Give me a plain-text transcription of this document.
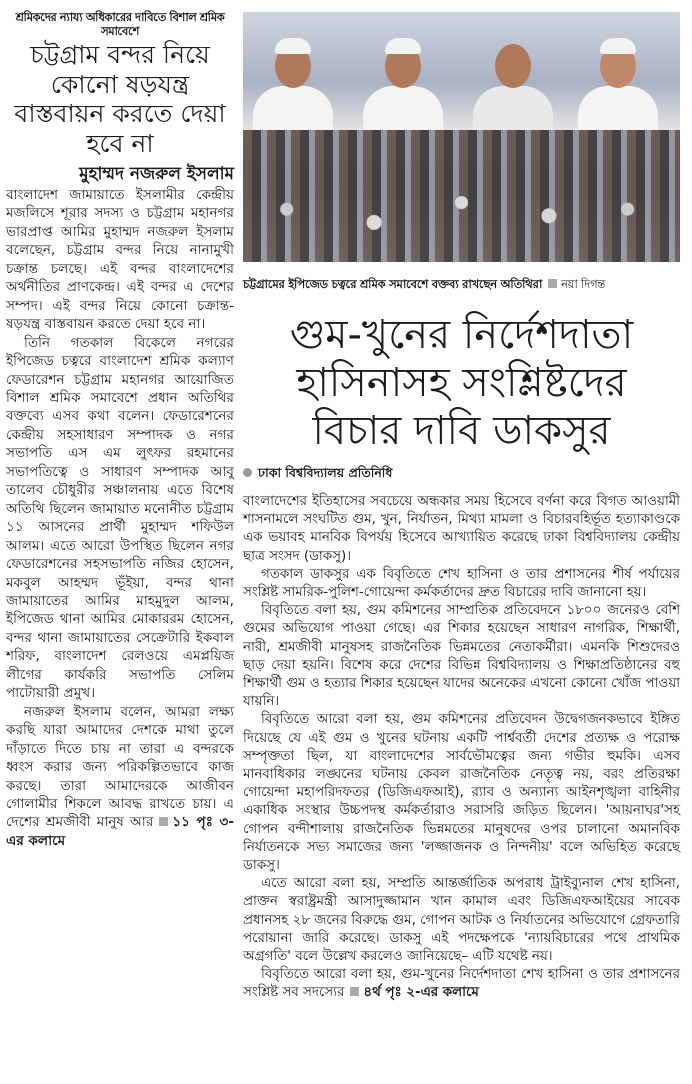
শ্রমিকদের ন্যায্য অধিকারের দাবিতে বিশাল শ্রমিক সমাবেশে
চট্টগ্রাম বন্দর নিয়ে কোনো ষড়যন্ত্র বাস্তবায়ন করতে দেয়া হবে না
মুহাম্মদ নজরুল ইসলাম

বাংলাদেশ জামায়াতে ইসলামীর কেন্দ্রীয় মজলিসে শূরার সদস্য ও চট্টগ্রাম মহানগর ভারপ্রাপ্ত আমির মুহাম্মদ নজরুল ইসলাম বলেছেন, চট্টগ্রাম বন্দর নিয়ে নানামুখী চক্রান্ত চলছে। এই বন্দর বাংলাদেশের অর্থনীতির প্রাণকেন্দ্র। এই বন্দর এ দেশের সম্পদ। এই বন্দর নিয়ে কোনো চক্রান্ত-ষড়যন্ত্র বাস্তবায়ন করতে দেয়া হবে না।

তিনি গতকাল বিকেলে নগরের ইপিজেড চত্বরে বাংলাদেশ শ্রমিক কল্যাণ ফেডারেশন চট্টগ্রাম মহানগর আয়োজিত বিশাল শ্রমিক সমাবেশে প্রধান অতিথির বক্তব্যে এসব কথা বলেন। ফেডারেশনের কেন্দ্রীয় সহসাধারণ সম্পাদক ও নগর সভাপতি এস এম লুৎফর রহমানের সভাপতিত্বে ও সাধারণ সম্পাদক আবু তালেব চৌধুরীর সঞ্চালনায় এতে বিশেষ অতিথি ছিলেন জামায়াত মনোনীত চট্টগ্রাম ১১ আসনের প্রার্থী মুহাম্মদ শফিউল আলম। এতে আরো উপস্থিত ছিলেন নগর ফেডারেশনের সহসভাপতি নজির হোসেন, মকবুল আহম্মদ ভূঁইয়া, বন্দর থানা জামায়াতের আমির মাহমুদুল আলম, ইপিজেড থানা আমির মোকাররম হোসেন, বন্দর থানা জামায়াতের সেক্রেটারি ইকবাল শরিফ, বাংলাদেশ রেলওয়ে এমপ্লয়িজ লীগের কার্যকরি সভাপতি সেলিম পাটোয়ারী প্রমুখ।

নজরুল ইসলাম বলেন, আমরা লক্ষ্য করছি যারা আমাদের দেশকে মাথা তুলে দাঁড়াতে দিতে চায় না তারা এ বন্দরকে ধ্বংস করার জন্য পরিকল্পিতভাবে কাজ করছে। তারা আমাদেরকে আজীবন গোলামীর শিকলে আবদ্ধ রাখতে চায়। এ দেশের শ্রমজীবী মানুষ আর ১১ পৃঃ ৩-এর কলামে

চট্টগ্রামের ইপিজেড চত্বরে শ্রমিক সমাবেশে বক্তব্য রাখছেন অতিথিরা নয়া দিগন্ত
গুম-খুনের নির্দেশদাতা
হাসিনাসহ সংশ্লিষ্টদের
বিচার দাবি ডাকসুর
ঢাকা বিশ্ববিদ্যালয় প্রতিনিধি

বাংলাদেশের ইতিহাসের সবচেয়ে অন্ধকার সময় হিসেবে বর্ণনা করে বিগত আওয়ামী শাসনামলে সংঘটিত গুম, খুন, নির্যাতন, মিথ্যা মামলা ও বিচারবহির্ভূত হত্যাকাণ্ডকে এক ভয়াবহ মানবিক বিপর্যয় হিসেবে আখ্যায়িত করেছে ঢাকা বিশ্ববিদ্যালয় কেন্দ্রীয় ছাত্র সংসদ (ডাকসু)।

গতকাল ডাকসুর এক বিবৃতিতে শেখ হাসিনা ও তার প্রশাসনের শীর্ষ পর্যায়ের সংশ্লিষ্ট সামরিক-পুলিশ-গোয়েন্দা কর্মকর্তাদের দ্রুত বিচারের দাবি জানানো হয়।

বিবৃতিতে বলা হয়, গুম কমিশনের সাম্প্রতিক প্রতিবেদনে ১৮০০ জনেরও বেশি গুমের অভিযোগ পাওয়া গেছে। এর শিকার হয়েছেন সাধারণ নাগরিক, শিক্ষার্থী, নারী, শ্রমজীবী মানুষসহ রাজনৈতিক ভিন্নমতের নেতাকর্মীরা। এমনকি শিশুদেরও ছাড় দেয়া হয়নি। বিশেষ করে দেশের বিভিন্ন বিশ্ববিদ্যালয় ও শিক্ষাপ্রতিষ্ঠানের বহু শিক্ষার্থী গুম ও হত্যার শিকার হয়েছেন যাদের অনেকের এখনো কোনো খোঁজ পাওয়া যায়নি।

বিবৃতিতে আরো বলা হয়, গুম কমিশনের প্রতিবেদন উদ্বেগজনকভাবে ইঙ্গিত দিয়েছে যে এই গুম ও খুনের ঘটনায় একটি পার্শ্ববর্তী দেশের প্রত্যক্ষ ও পরোক্ষ সম্পৃক্ততা ছিল, যা বাংলাদেশের সার্বভৌমত্বের জন্য গভীর হুমকি। এসব মানবাধিকার লঙ্ঘনের ঘটনায় কেবল রাজনৈতিক নেতৃত্ব নয়, বরং প্রতিরক্ষা গোয়েন্দা মহাপরিদফতর (ডিজিএফআই), র‍্যাব ও অন্যান্য আইনশৃঙ্খলা বাহিনীর একাধিক সংস্থার উচ্চপদস্থ কর্মকর্তারাও সরাসরি জড়িত ছিলেন। 'আয়নাঘর'সহ গোপন বন্দীশালায় রাজনৈতিক ভিন্নমতের মানুষদের ওপর চালানো অমানবিক নির্যাতনকে সভ্য সমাজের জন্য 'লজ্জাজনক ও নিন্দনীয়' বলে অভিহিত করেছে ডাকসু।

এতে আরো বলা হয়, সম্প্রতি আন্তর্জাতিক অপরাধ ট্রাইব্যুনাল শেখ হাসিনা, প্রাক্তন স্বরাষ্ট্রমন্ত্রী আসাদুজ্জামান খান কামাল এবং ডিজিএফআইয়ের সাবেক প্রধানসহ ২৮ জনের বিরুদ্ধে গুম, গোপন আটক ও নির্যাতনের অভিযোগে গ্রেফতারি পরোয়ানা জারি করেছে। ডাকসু এই পদক্ষেপকে 'ন্যায়বিচারের পথে প্রাথমিক অগ্রগতি' বলে উল্লেখ করলেও জানিয়েছে– এটি যথেষ্ট নয়।

বিবৃতিতে আরো বলা হয়, গুম-খুনের নির্দেশদাতা শেখ হাসিনা ও তার প্রশাসনের সংশ্লিষ্ট সব সদস্যের ৪র্থ পৃঃ ২-এর কলামে
